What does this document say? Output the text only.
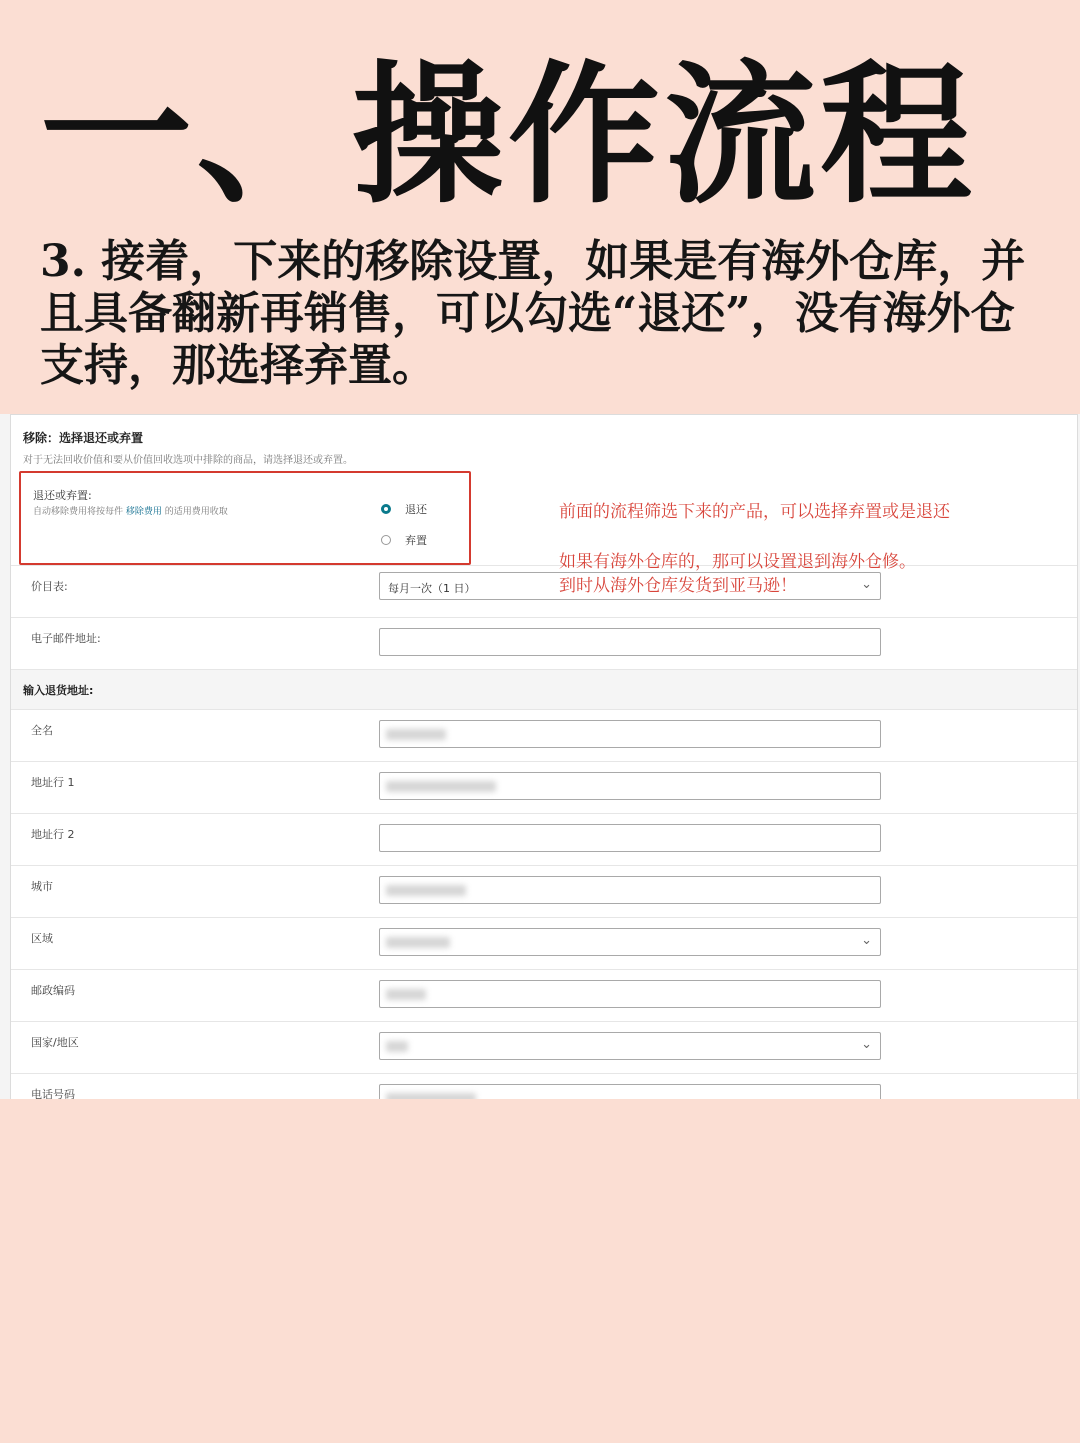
一、操作流程
3. 接着，下来的移除设置，如果是有海外仓库，并且具备翻新再销售，可以勾选“退还”，没有海外仓支持，那选择弃置。
移除：选择退还或弃置
对于无法回收价值和要从价值回收选项中排除的商品，请选择退还或弃置。
退还或弃置:
自动移除费用将按每件 移除费用 的适用费用收取	退还
弃置
价目表:	每月一次（1 日）	⌄
电子邮件地址:
输入退货地址:
全名
地址行 1
地址行 2
城市
区域	⌄
邮政编码
国家/地区	⌄
电话号码
前面的流程筛选下来的产品，可以选择弃置或是退还
如果有海外仓库的，那可以设置退到海外仓修。
到时从海外仓库发货到亚马逊！
